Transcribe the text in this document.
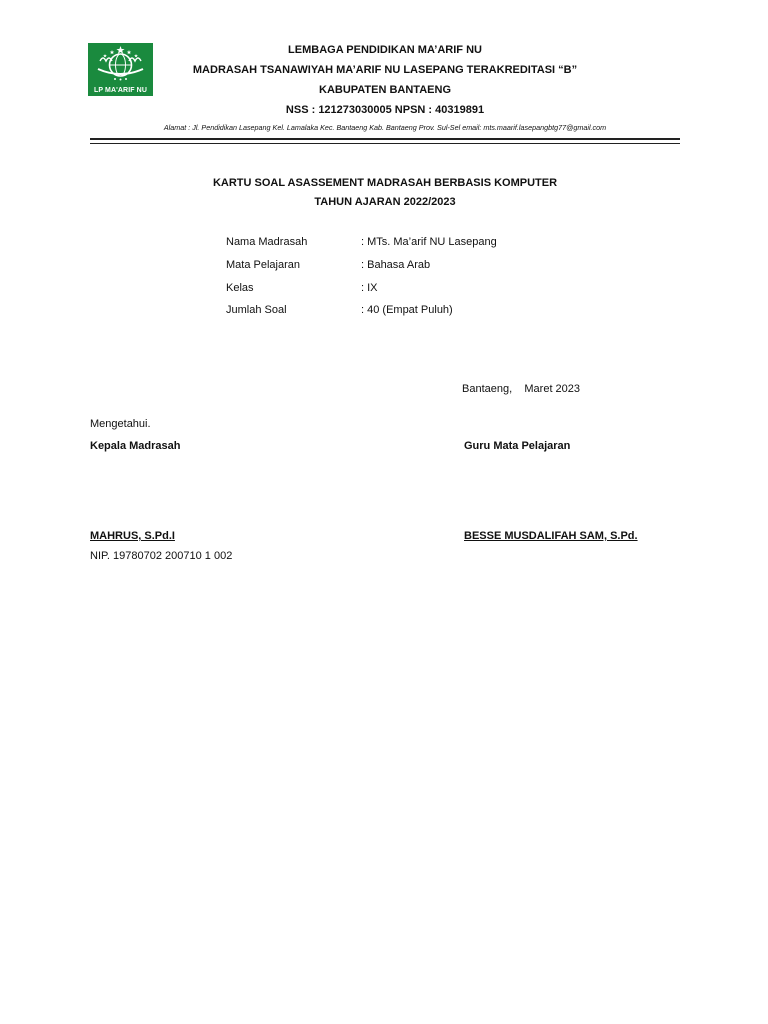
LP MA'ARIF NU
LEMBAGA PENDIDIKAN MA’ARIF NU
MADRASAH TSANAWIYAH MA’ARIF NU LASEPANG TERAKREDITASI “B”
KABUPATEN BANTAENG
NSS : 121273030005 NPSN : 40319891
Alamat : Jl. Pendidikan Lasepang Kel. Lamalaka Kec. Bantaeng Kab. Bantaeng Prov. Sul-Sel email: mts.maarif.lasepangbtg77@gmail.com
KARTU SOAL ASASSEMENT MADRASAH BERBASIS KOMPUTER
TAHUN AJARAN 2022/2023
Nama Madrasah	: MTs. Ma’arif NU Lasepang
Mata Pelajaran	: Bahasa Arab
Kelas	: IX
Jumlah Soal	: 40 (Empat Puluh)
Bantaeng,    Maret 2023
Mengetahui.
Kepala Madrasah	Guru Mata Pelajaran
MAHRUS, S.Pd.I	BESSE MUSDALIFAH SAM, S.Pd.
NIP. 19780702 200710 1 002
